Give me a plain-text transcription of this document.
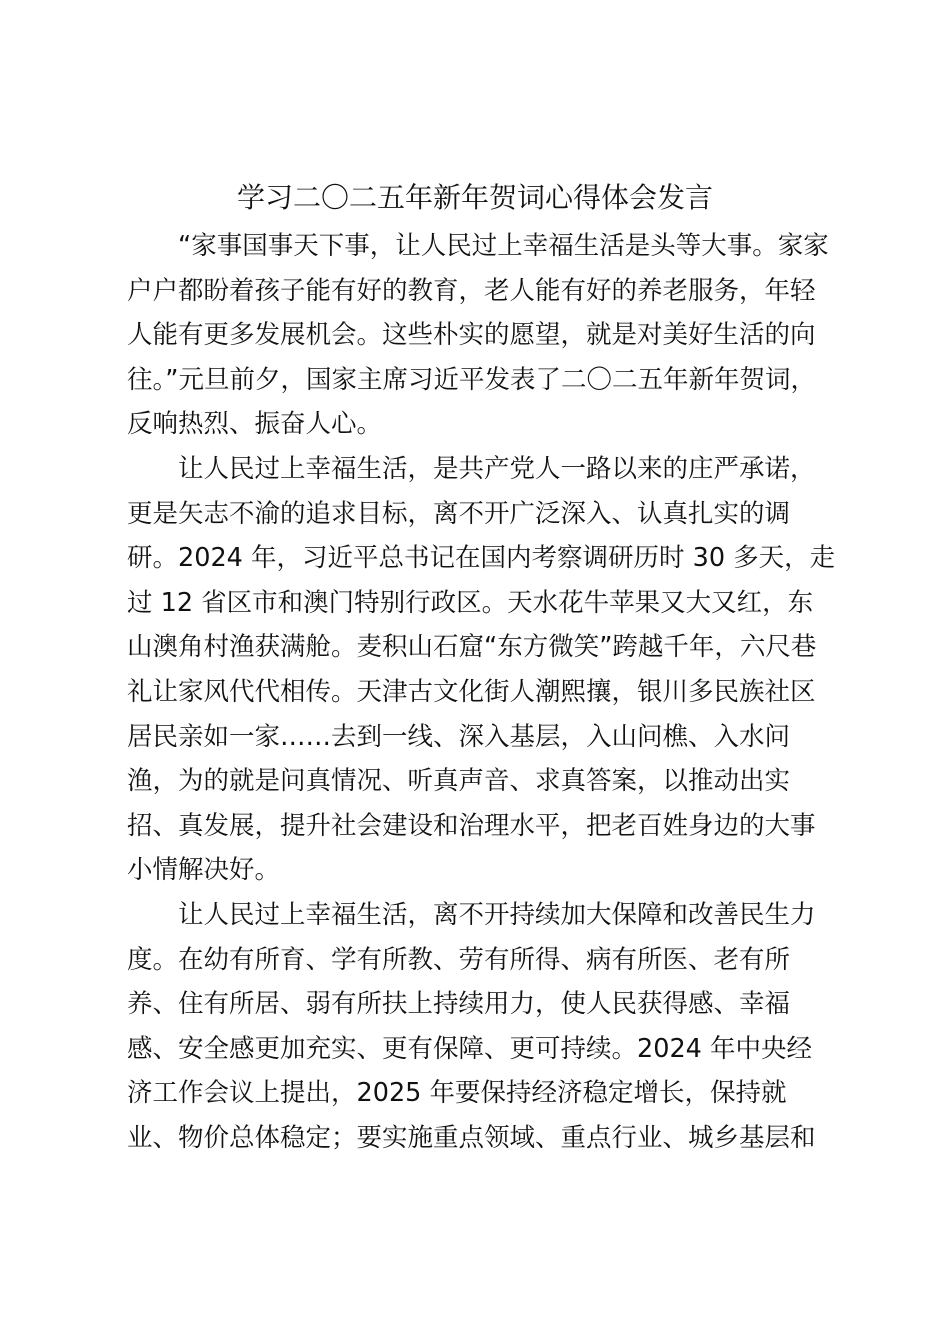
学习二〇二五年新年贺词心得体会发言
“家事国事天下事，让人民过上幸福生活是头等大事。家家
户户都盼着孩子能有好的教育，老人能有好的养老服务，年轻
人能有更多发展机会。这些朴实的愿望，就是对美好生活的向
往。”元旦前夕，国家主席习近平发表了二〇二五年新年贺词，
反响热烈、振奋人心。
让人民过上幸福生活，是共产党人一路以来的庄严承诺，
更是矢志不渝的追求目标，离不开广泛深入、认真扎实的调
研。2024 年，习近平总书记在国内考察调研历时 30 多天，走
过 12 省区市和澳门特别行政区。天水花牛苹果又大又红，东
山澳角村渔获满舱。麦积山石窟“东方微笑”跨越千年，六尺巷
礼让家风代代相传。天津古文化街人潮熙攘，银川多民族社区
居民亲如一家……去到一线、深入基层，入山问樵、入水问
渔，为的就是问真情况、听真声音、求真答案，以推动出实
招、真发展，提升社会建设和治理水平，把老百姓身边的大事
小情解决好。
让人民过上幸福生活，离不开持续加大保障和改善民生力
度。在幼有所育、学有所教、劳有所得、病有所医、老有所
养、住有所居、弱有所扶上持续用力，使人民获得感、幸福
感、安全感更加充实、更有保障、更可持续。2024 年中央经
济工作会议上提出，2025 年要保持经济稳定增长，保持就
业、物价总体稳定；要实施重点领域、重点行业、城乡基层和
